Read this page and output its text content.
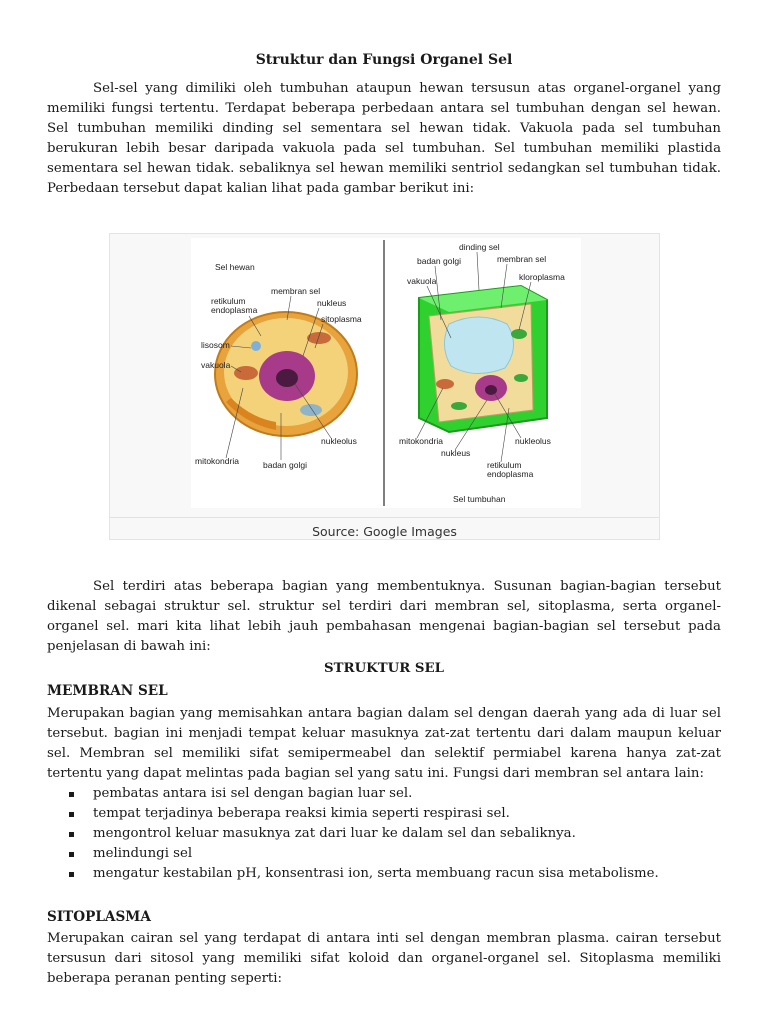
Struktur dan Fungsi Organel Sel

Sel-sel yang dimiliki oleh tumbuhan ataupun hewan tersusun atas organel-organel yang memiliki fungsi tertentu. Terdapat beberapa perbedaan antara sel tumbuhan dengan sel hewan. Sel tumbuhan memiliki dinding sel sementara sel hewan tidak. Vakuola pada sel tumbuhan berukuran lebih besar daripada vakuola pada sel tumbuhan. Sel tumbuhan memiliki plastida sementara sel hewan tidak. sebaliknya sel hewan memiliki sentriol sedangkan sel tumbuhan tidak. Perbedaan tersebut dapat kalian lihat pada gambar berikut ini:

Sel hewan
membran sel
retikulum endoplasma
nukleus
sitoplasma
lisosom
vakuola
mitokondria	badan golgi
nukleolus
dinding sel
badan golgi	membran sel
vakuola	kloroplasma
mitokondria
nukleus
nukleolus
retikulum endoplasma
Sel tumbuhan
Source: Google Images

Sel terdiri atas beberapa bagian yang membentuknya. Susunan bagian-bagian tersebut dikenal sebagai struktur sel. struktur sel terdiri dari membran sel, sitoplasma, serta organel-organel sel. mari kita lihat lebih jauh pembahasan mengenai bagian-bagian sel tersebut pada penjelasan di bawah ini:

STRUKTUR SEL

MEMBRAN SEL

Merupakan bagian yang memisahkan antara bagian dalam sel dengan daerah yang ada di luar sel tersebut. bagian ini menjadi tempat keluar masuknya zat-zat tertentu dari dalam maupun keluar sel. Membran sel memiliki sifat semipermeabel dan selektif permiabel karena hanya zat-zat tertentu yang dapat melintas pada bagian sel yang satu ini. Fungsi dari membran sel antara lain:

pembatas antara isi sel dengan bagian luar sel.
tempat terjadinya beberapa reaksi kimia seperti respirasi sel.
mengontrol keluar masuknya zat dari luar ke dalam sel dan sebaliknya.
melindungi sel
mengatur kestabilan pH, konsentrasi ion, serta membuang racun sisa metabolisme.

SITOPLASMA

Merupakan cairan sel yang terdapat di antara inti sel dengan membran plasma. cairan tersebut tersusun dari sitosol yang memiliki sifat koloid dan organel-organel sel. Sitoplasma memiliki beberapa peranan penting seperti:
